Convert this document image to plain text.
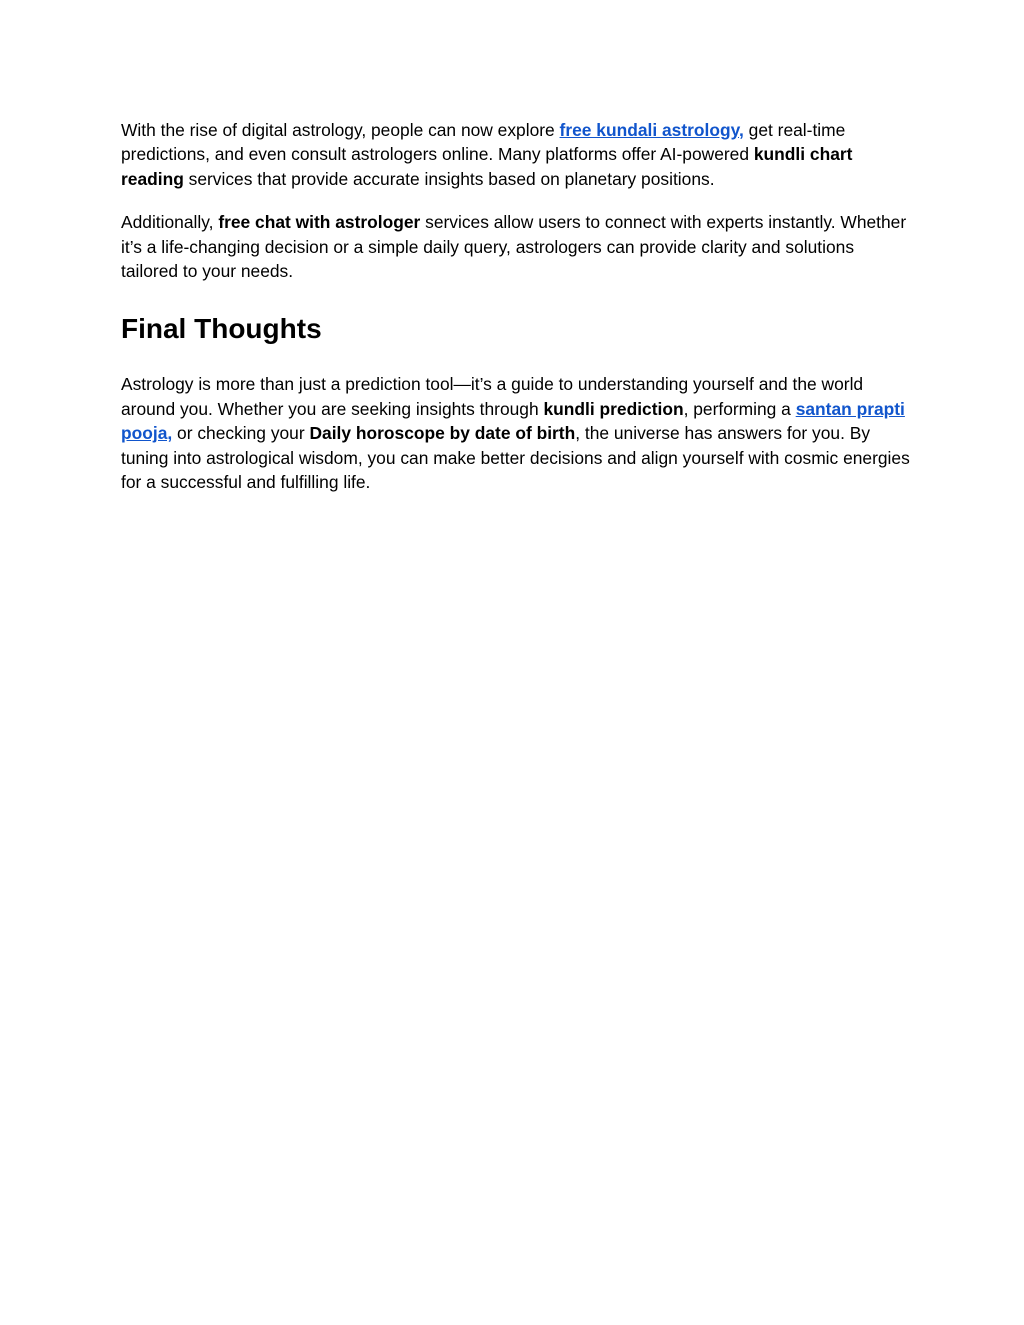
With the rise of digital astrology, people can now explore free kundali astrology, get real-time predictions, and even consult astrologers online. Many platforms offer AI-powered kundli chart reading services that provide accurate insights based on planetary positions.

Additionally, free chat with astrologer services allow users to connect with experts instantly. Whether it’s a life-changing decision or a simple daily query, astrologers can provide clarity and solutions tailored to your needs.

Final Thoughts

Astrology is more than just a prediction tool—it’s a guide to understanding yourself and the world around you. Whether you are seeking insights through kundli prediction, performing a santan prapti pooja, or checking your Daily horoscope by date of birth, the universe has answers for you. By tuning into astrological wisdom, you can make better decisions and align yourself with cosmic energies for a successful and fulfilling life.
